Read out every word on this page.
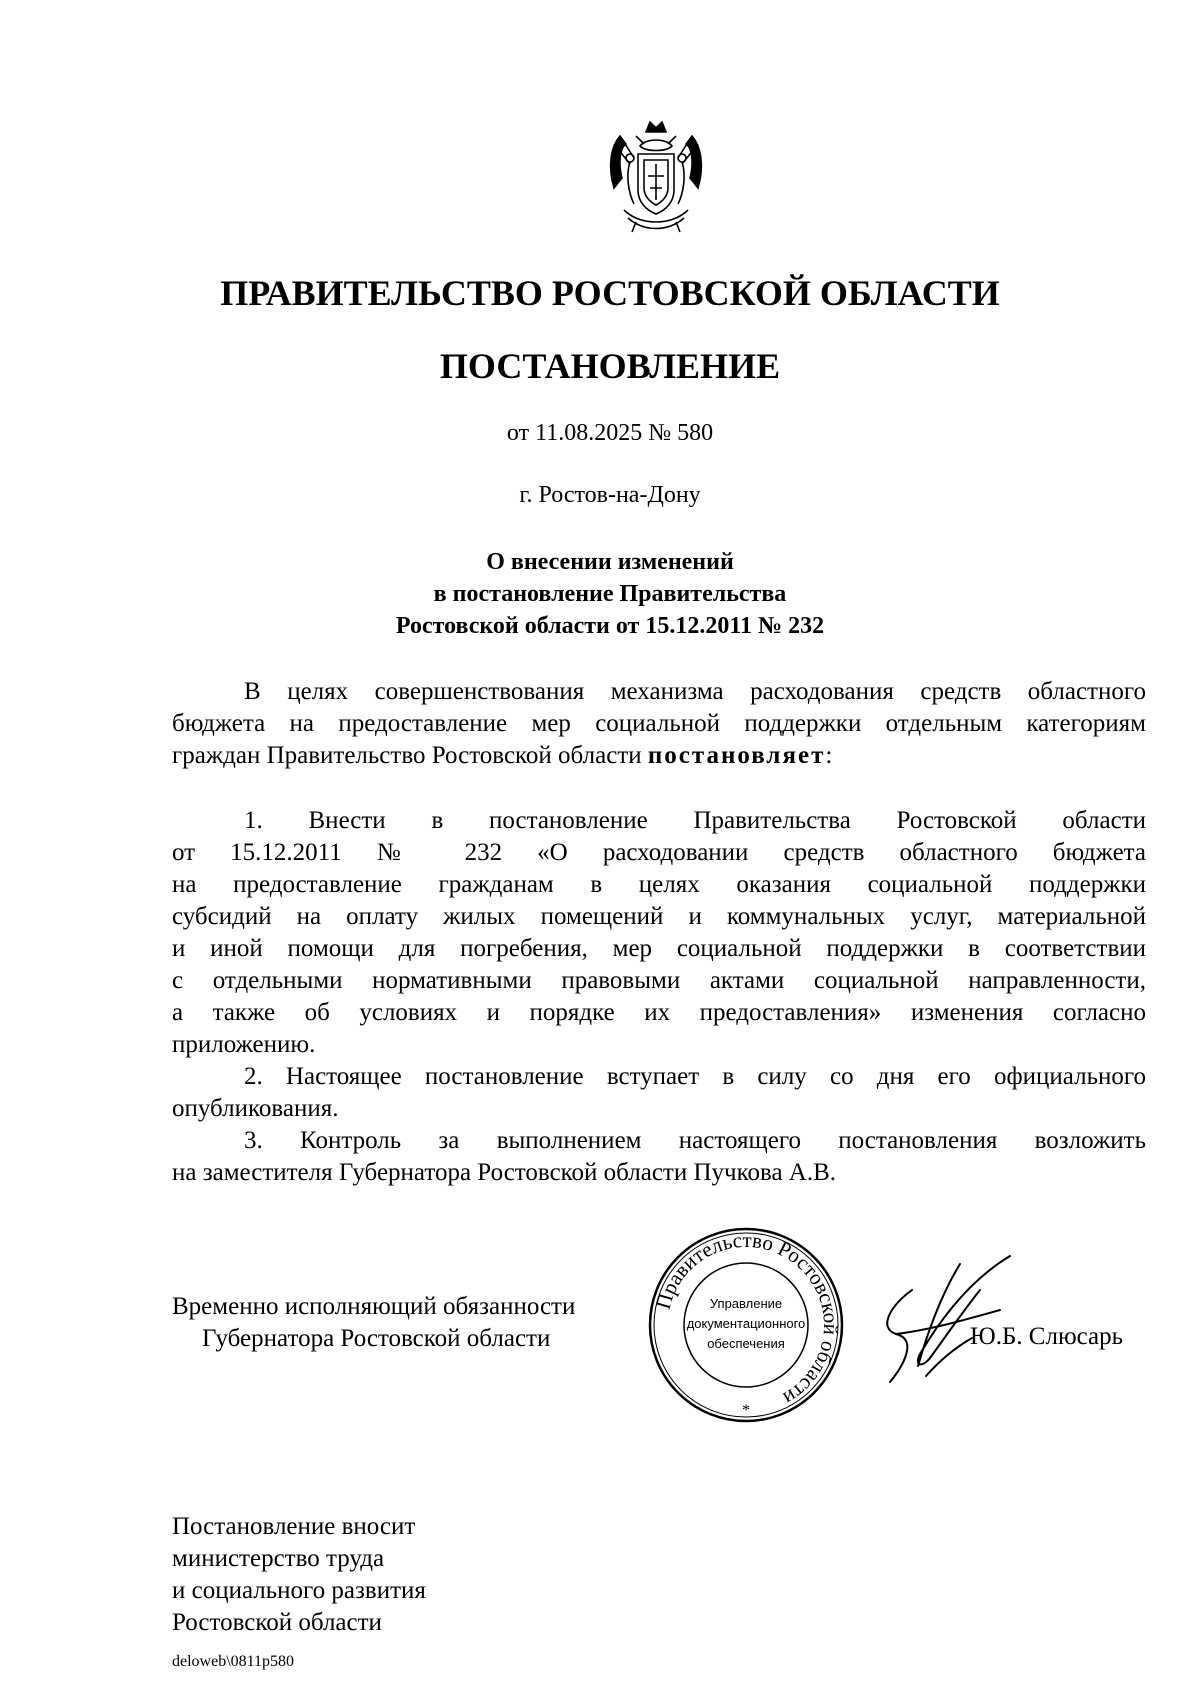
ПРАВИТЕЛЬСТВО РОСТОВСКОЙ ОБЛАСТИ
ПОСТАНОВЛЕНИЕ
от 11.08.2025 № 580
г. Ростов-на-Дону
О внесении изменений
в постановление Правительства
Ростовской области от 15.12.2011 № 232
В целях совершенствования механизма расходования средств областного
бюджета на предоставление мер социальной поддержки отдельным категориям
граждан Правительство Ростовской области постановляет:
1. Внести в постановление Правительства Ростовской области
от 15.12.2011 № 232 «О расходовании средств областного бюджета
на предоставление гражданам в целях оказания социальной поддержки
субсидий на оплату жилых помещений и коммунальных услуг, материальной
и иной помощи для погребения, мер социальной поддержки в соответствии
с отдельными нормативными правовыми актами социальной направленности,
а также об условиях и порядке их предоставления» изменения согласно
приложению.
2. Настоящее постановление вступает в силу со дня его официального
опубликования.
3. Контроль за выполнением настоящего постановления возложить
на заместителя Губернатора Ростовской области Пучкова А.В.
Временно исполняющий обязанности
Губернатора Ростовской области
Правительство Ростовской области
Управление
документационного
обеспечения
*
Ю.Б. Слюсарь
Постановление вносит
министерство труда
и социального развития
Ростовской области
deloweb\0811p580
